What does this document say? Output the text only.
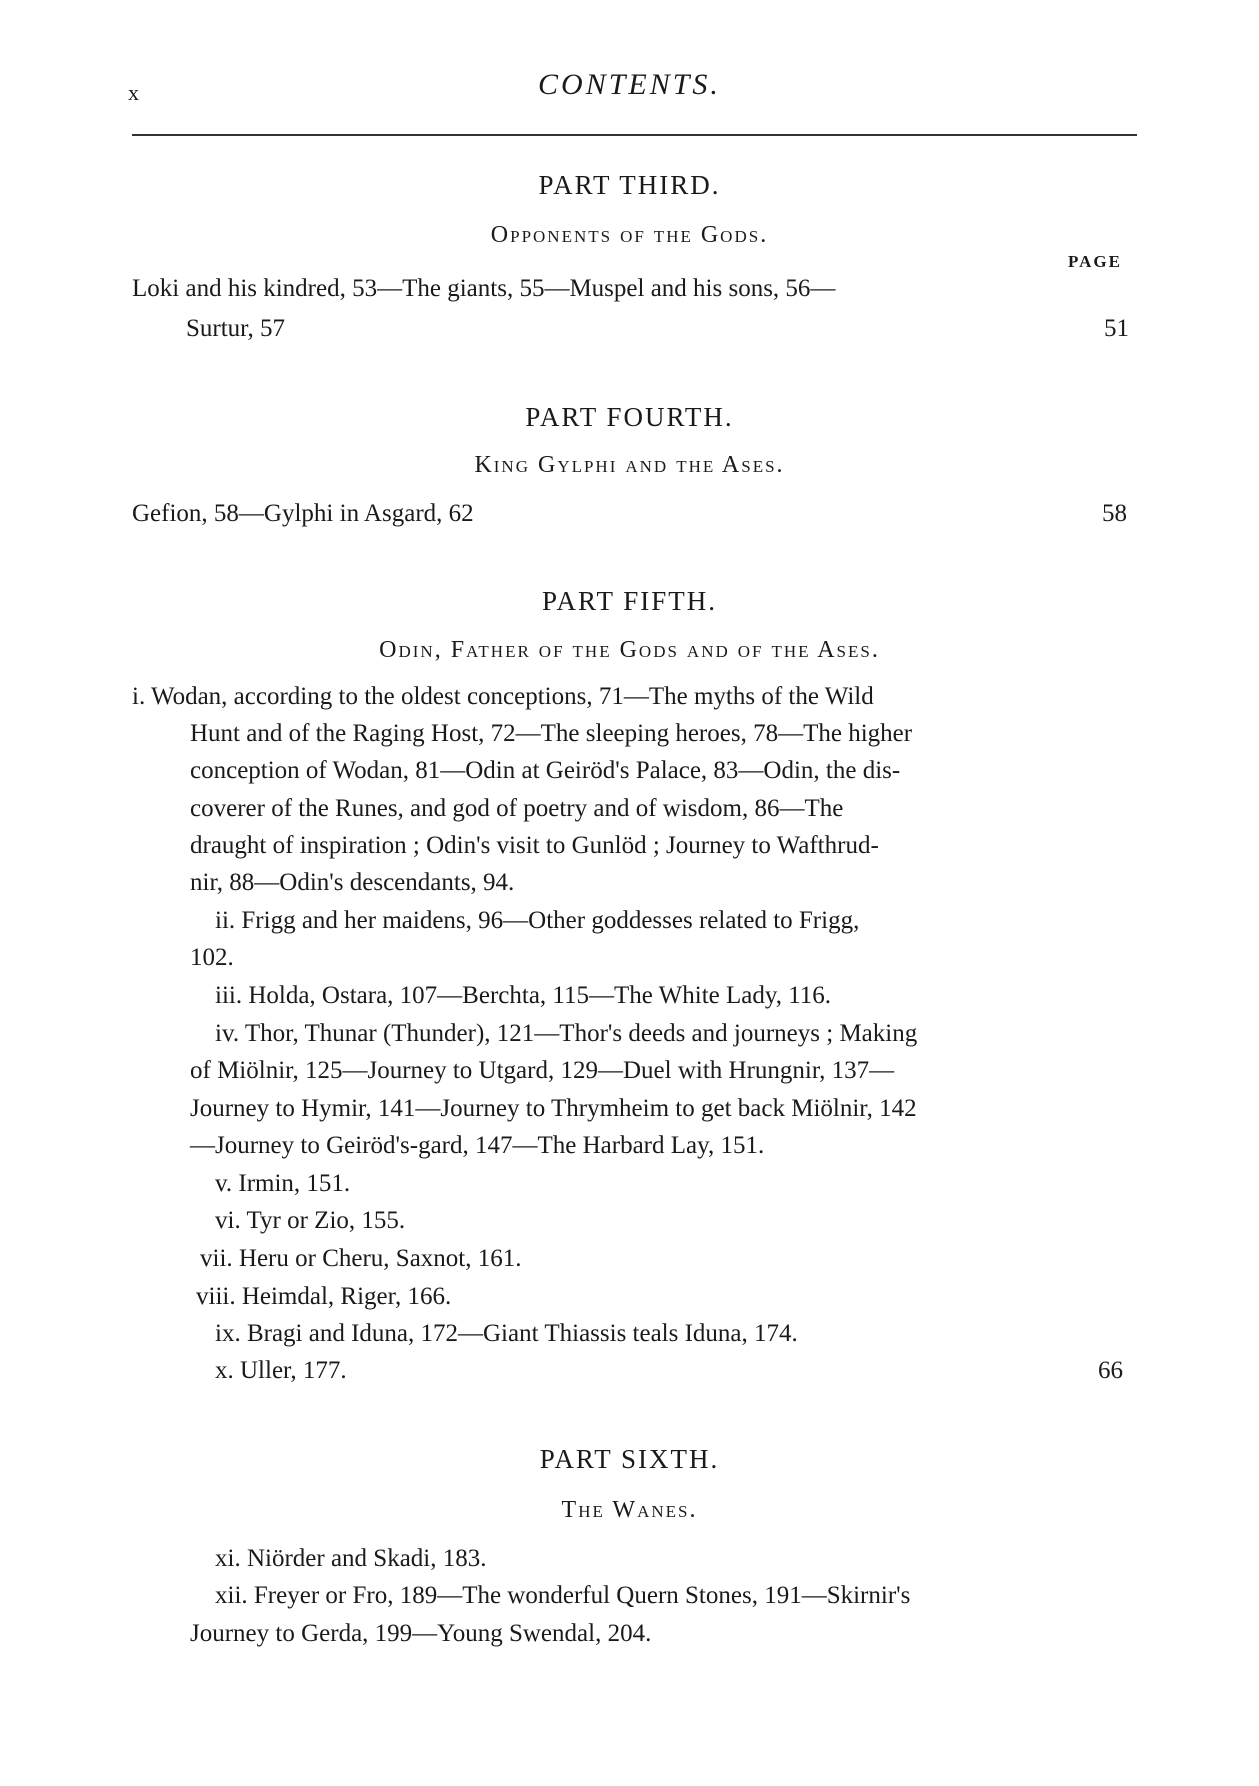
x	CONTENTS.
PART THIRD.
Opponents of the Gods.
PAGE
Loki and his kindred, 53—The giants, 55—Muspel and his sons, 56—
Surtur, 57	51
PART FOURTH.
King Gylphi and the Ases.
Gefion, 58—Gylphi in Asgard, 62	58
PART FIFTH.
Odin, Father of the Gods and of the Ases.
i. Wodan, according to the oldest conceptions, 71—The myths of the Wild
Hunt and of the Raging Host, 72—The sleeping heroes, 78—The higher
conception of Wodan, 81—Odin at Geiröd's Palace, 83—Odin, the dis-
coverer of the Runes, and god of poetry and of wisdom, 86—The
draught of inspiration ; Odin's visit to Gunlöd ; Journey to Wafthrud-
nir, 88—Odin's descendants, 94.
ii. Frigg and her maidens, 96—Other goddesses related to Frigg,
102.
iii. Holda, Ostara, 107—Berchta, 115—The White Lady, 116.
iv. Thor, Thunar (Thunder), 121—Thor's deeds and journeys ; Making
of Miölnir, 125—Journey to Utgard, 129—Duel with Hrungnir, 137—
Journey to Hymir, 141—Journey to Thrymheim to get back Miölnir, 142
—Journey to Geiröd's-gard, 147—The Harbard Lay, 151.
v. Irmin, 151.
vi. Tyr or Zio, 155.
vii. Heru or Cheru, Saxnot, 161.
viii. Heimdal, Riger, 166.
ix. Bragi and Iduna, 172—Giant Thiassis teals Iduna, 174.
x. Uller, 177.	66
PART SIXTH.
The Wanes.
xi. Niörder and Skadi, 183.
xii. Freyer or Fro, 189—The wonderful Quern Stones, 191—Skirnir's
Journey to Gerda, 199—Young Swendal, 204.
